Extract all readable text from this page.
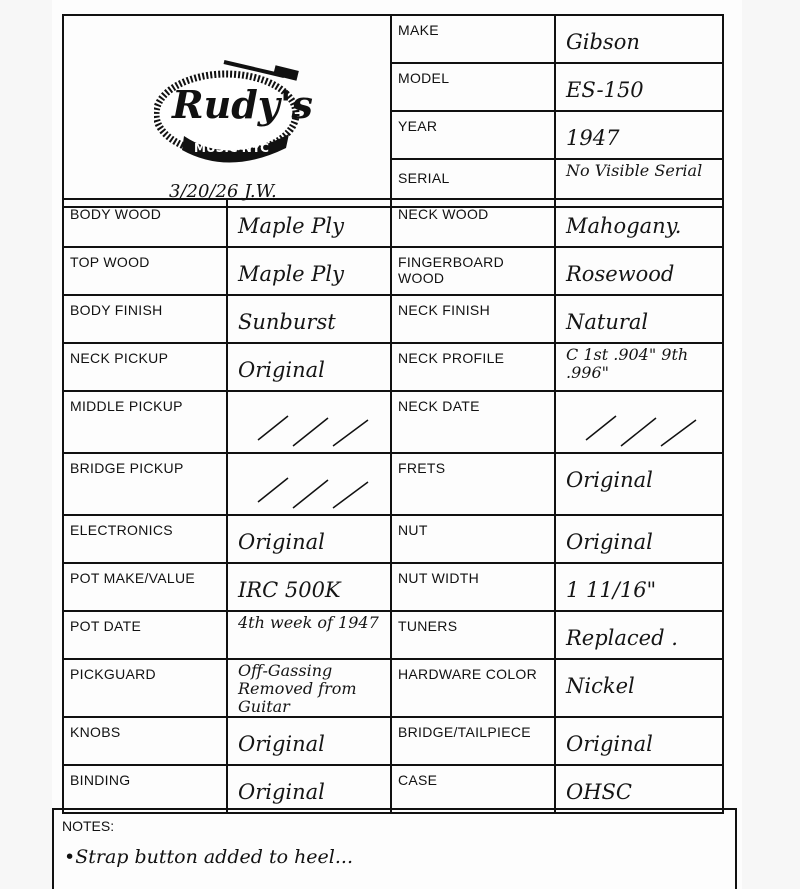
Rudy's
MUSIC NYC
3/20/26 J.W.	MAKE	Gibson
	MODEL	ES-150
	YEAR	1947
	SERIAL	No Visible Serial
BODY WOOD	Maple Ply	NECK WOOD	Mahogany.
TOP WOOD	Maple Ply	FINGERBOARD WOOD	Rosewood
BODY FINISH	Sunburst	NECK FINISH	Natural
NECK PICKUP	Original	NECK PROFILE	C 1st .904" 9th .996"
MIDDLE PICKUP		NECK DATE	

BRIDGE PICKUP		FRETS	Original
ELECTRONICS	Original	NUT	Original
POT MAKE/VALUE	IRC 500K	NUT WIDTH	1 11/16"
POT DATE	4th week of 1947	TUNERS	Replaced .
PICKGUARD	Off-Gassing Removed from Guitar	HARDWARE COLOR	Nickel
KNOBS	Original	BRIDGE/TAILPIECE	Original
BINDING	Original	CASE	OHSC
NOTES:
•Strap button added to heel...
